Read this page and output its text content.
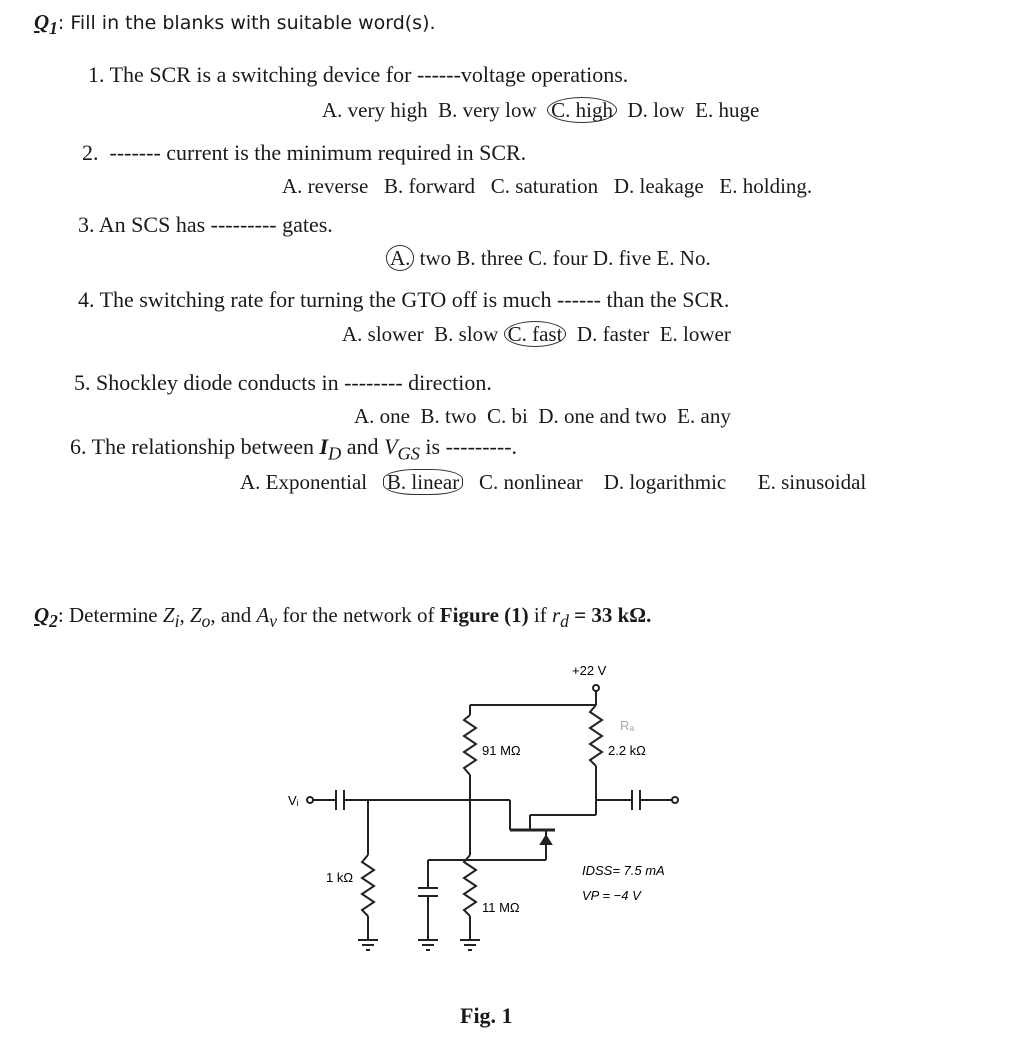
$Q_1$: Fill in the blanks with suitable word(s).
1. The SCR is a switching device for ------voltage operations.
A. very high B. very low C. high D. low E. huge
2. ------- current is the minimum required in SCR.
A. reverse B. forward C. saturation D. leakage E. holding.
3. An SCS has --------- gates.
A. two B. three C. four D. five E. No.
4. The switching rate for turning the GTO off is much ------ than the SCR.
A. slower B. slow C. fast D. faster E. lower
5. Shockley diode conducts in -------- direction.
A. one B. two C. bi D. one and two E. any
6. The relationship between $I_D$ and $V_{GS}$ is ---------.
A. Exponential B. linear C. nonlinear D. logarithmic E. sinusoidal
$Q_2$: Determine $Z_i$, $Z_o$, and $A_v$ for the network of Figure (1) if $r_d = 33$ kΩ.
+22 V
91 MΩ	2.2 kΩ
Rₐ
1 kΩ
11 MΩ
Vᵢ
IDSS= 7.5 mA
VP = −4 V
Fig. 1
